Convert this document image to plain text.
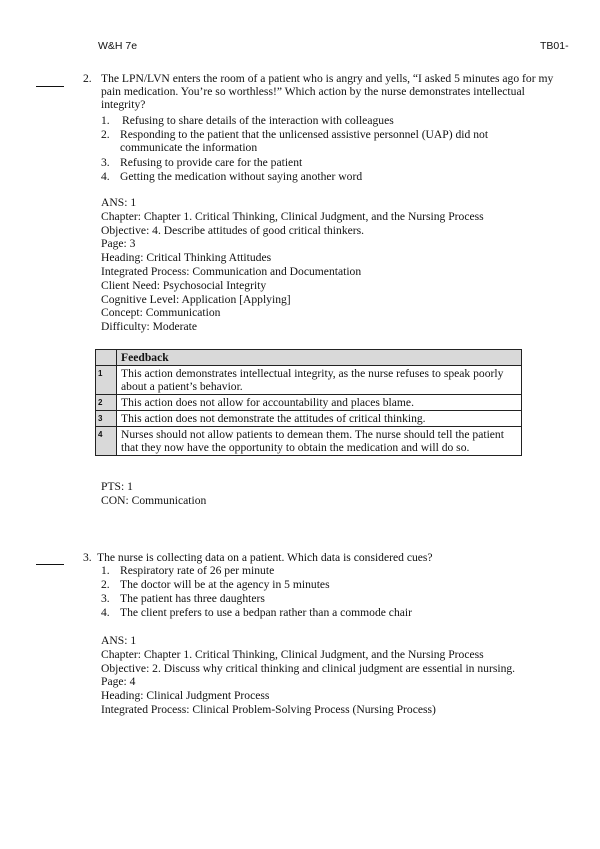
W&H 7e	TB01-
2. The LPN/LVN enters the room of a patient who is angry and yells, “I asked 5 minutes ago for my
pain medication. You’re so worthless!” Which action by the nurse demonstrates intellectual
integrity?
1. Refusing to share details of the interaction with colleagues
2. Responding to the patient that the unlicensed assistive personnel (UAP) did not
communicate the information
3. Refusing to provide care for the patient
4. Getting the medication without saying another word
ANS: 1
Chapter: Chapter 1. Critical Thinking, Clinical Judgment, and the Nursing Process
Objective: 4. Describe attitudes of good critical thinkers.
Page: 3
Heading: Critical Thinking Attitudes
Integrated Process: Communication and Documentation
Client Need: Psychosocial Integrity
Cognitive Level: Application [Applying]
Concept: Communication
Difficulty: Moderate
	Feedback
1	This action demonstrates intellectual integrity, as the nurse refuses to speak poorly about a patient’s behavior.
2	This action does not allow for accountability and places blame.
3	This action does not demonstrate the attitudes of critical thinking.
4	Nurses should not allow patients to demean them. The nurse should tell the patient that they now have the opportunity to obtain the medication and will do so.
PTS: 1
CON: Communication
3. The nurse is collecting data on a patient. Which data is considered cues?
1. Respiratory rate of 26 per minute
2. The doctor will be at the agency in 5 minutes
3. The patient has three daughters
4. The client prefers to use a bedpan rather than a commode chair
ANS: 1
Chapter: Chapter 1. Critical Thinking, Clinical Judgment, and the Nursing Process
Objective: 2. Discuss why critical thinking and clinical judgment are essential in nursing.
Page: 4
Heading: Clinical Judgment Process
Integrated Process: Clinical Problem-Solving Process (Nursing Process)
